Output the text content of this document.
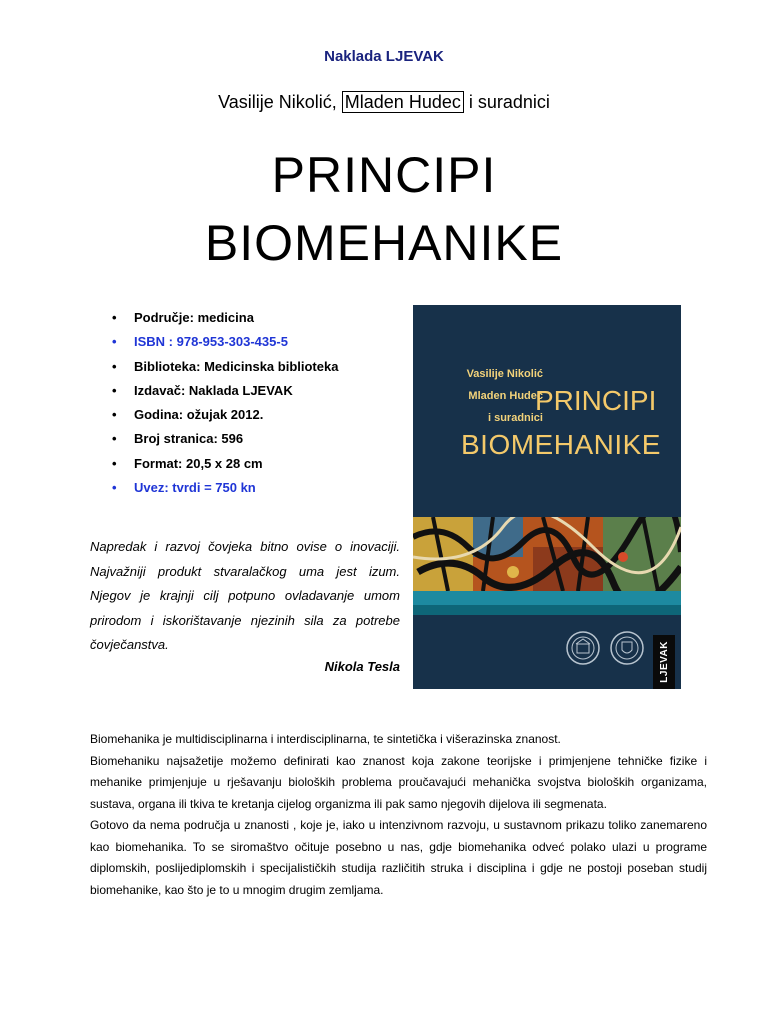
Naklada LJEVAK
Vasilije Nikolić, Mladen Hudec i suradnici
PRINCIPI
BIOMEHANIKE
• Područje: medicina
• ISBN : 978-953-303-435-5
• Biblioteka: Medicinska biblioteka
• Izdavač: Naklada LJEVAK
• Godina: ožujak 2012.
• Broj stranica: 596
• Format: 20,5 x 28 cm
• Uvez: tvrdi = 750 kn
Napredak i razvoj čovjeka bitno ovise o inovaciji. Najvažniji produkt stvaralačkog uma jest izum. Njegov je krajnji cilj potpuno ovladavanje umom prirodom i iskorištavanje njezinih sila za potrebe čovječanstva.
Nikola Tesla
Vasilije Nikolić
Mladen Hudec
i suradnici
PRINCIPI
BIOMEHANIKE
LJEVAK

Biomehanika je multidisciplinarna i interdisciplinarna, te sintetička i višerazinska znanost.

Biomehaniku najsažetije možemo definirati kao znanost koja zakone teorijske i primjenjene tehničke fizike i mehanike primjenjuje u rješavanju bioloških problema proučavajući mehanička svojstva bioloških organizama, sustava, organa ili tkiva te kretanja cijelog organizma ili pak samo njegovih dijelova ili segmenata.

Gotovo da nema područja u znanosti , koje je, iako u intenzivnom razvoju, u sustavnom prikazu toliko zanemareno kao biomehanika. To se siromaštvo očituje posebno u nas, gdje biomehanika odveć polako ulazi u programe diplomskih, poslijediplomskih i specijalističkih studija različitih struka i disciplina i gdje ne postoji poseban studij biomehanike, kao što je to u mnogim drugim zemljama.
